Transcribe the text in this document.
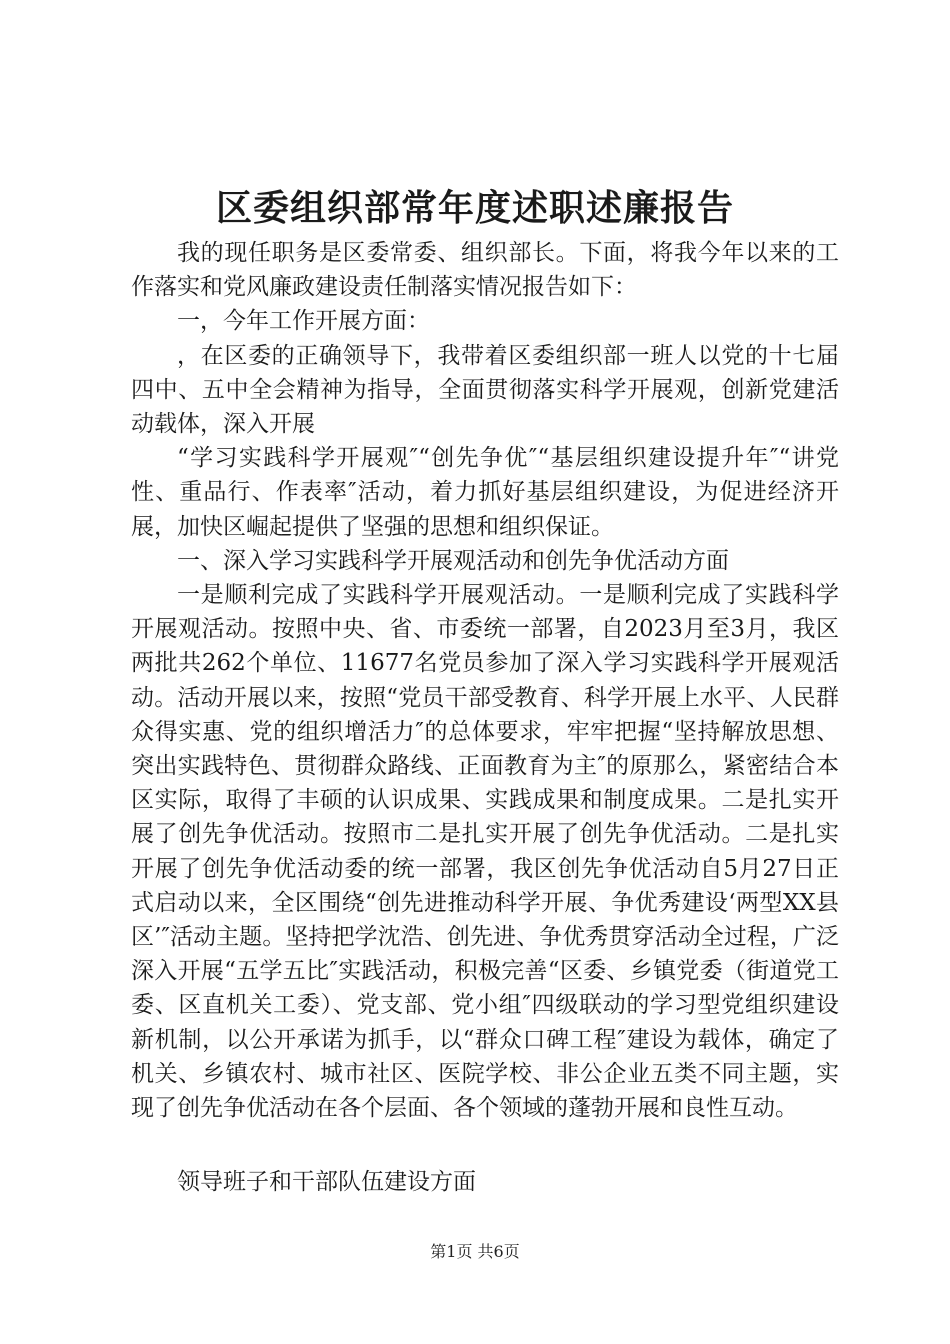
区委组织部常年度述职述廉报告

我的现任职务是区委常委、组织部长。下面，将我今年以来的工作落实和党风廉政建设责任制落实情况报告如下：

一，今年工作开展方面：

，在区委的正确领导下，我带着区委组织部一班人以党的十七届四中、五中全会精神为指导，全面贯彻落实科学开展观，创新党建活动载体，深入开展

“学习实践科学开展观″“创先争优″“基层组织建设提升年″“讲党性、重品行、作表率″活动，着力抓好基层组织建设，为促进经济开展，加快区崛起提供了坚强的思想和组织保证。

一、深入学习实践科学开展观活动和创先争优活动方面

一是顺利完成了实践科学开展观活动。一是顺利完成了实践科学开展观活动。按照中央、省、市委统一部署，自2023月至3月，我区两批共262个单位、11677名党员参加了深入学习实践科学开展观活动。活动开展以来，按照“党员干部受教育、科学开展上水平、人民群众得实惠、党的组织增活力″的总体要求，牢牢把握“坚持解放思想、突出实践特色、贯彻群众路线、正面教育为主″的原那么，紧密结合本区实际，取得了丰硕的认识成果、实践成果和制度成果。二是扎实开展了创先争优活动。按照市二是扎实开展了创先争优活动。二是扎实开展了创先争优活动委的统一部署，我区创先争优活动自5月27日正式启动以来，全区围绕“创先进推动科学开展、争优秀建设‘两型XX县区’″活动主题。坚持把学沈浩、创先进、争优秀贯穿活动全过程，广泛深入开展“五学五比″实践活动，积极完善“区委、乡镇党委（街道党工委、区直机关工委）、党支部、党小组″四级联动的学习型党组织建设新机制，以公开承诺为抓手，以“群众口碑工程″建设为载体，确定了机关、乡镇农村、城市社区、医院学校、非公企业五类不同主题，实现了创先争优活动在各个层面、各个领域的蓬勃开展和良性互动。

领导班子和干部队伍建设方面

第1页 共6页
